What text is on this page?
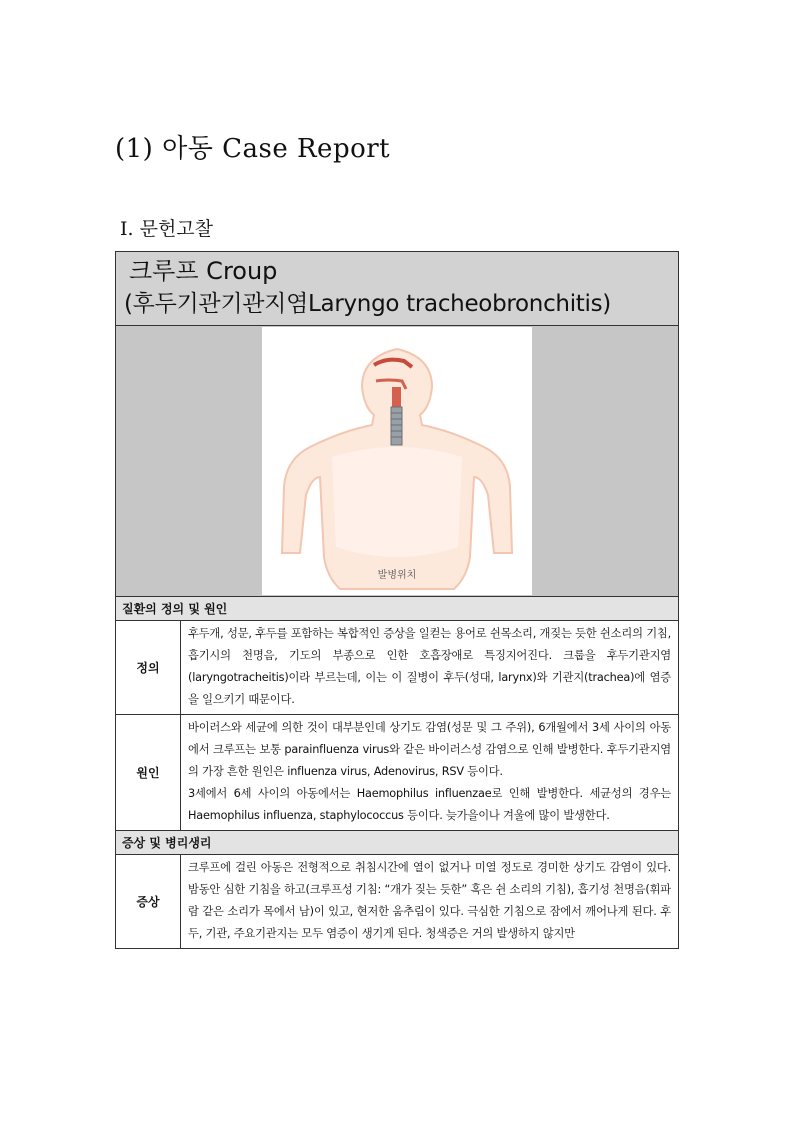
(1) 아동 Case Report
Ⅰ. 문헌고찰
크루프 Croup
(후두기관기관지염Laryngo tracheobronchitis)	

발병위치	

질환의 정의 및 원인	
정의	후두개, 성문, 후두를 포함하는 복합적인 증상을 일컫는 용어로 쉰목소리, 개짖는 듯한 쉰소리의 기침, 흡기시의 천명음, 기도의 부종으로 인한 호흡장애로 특징지어진다. 크룹을 후두기관지염(laryngotracheitis)이라 부르는데, 이는 이 질병이 후두(성대, larynx)와 기관지(trachea)에 염증을 일으키기 때문이다.
원인	바이러스와 세균에 의한 것이 대부분인데 상기도 감염(성문 및 그 주위), 6개월에서 3세 사이의 아동에서 크루프는 보통 parainfluenza virus와 같은 바이러스성 감염으로 인해 발병한다. 후두기관지염의 가장 흔한 원인은 influenza virus, Adenovirus, RSV 등이다.

3세에서 6세 사이의 아동에서는 Haemophilus influenzae로 인해 발병한다. 세균성의 경우는 Haemophilus influenza, staphylococcus 등이다. 늦가을이나 겨울에 많이 발생한다.

증상 및 병리생리	
증상	크루프에 걸린 아동은 전형적으로 취침시간에 열이 없거나 미열 정도로 경미한 상기도 감염이 있다. 밤동안 심한 기침을 하고(크루프성 기침: “개가 짖는 듯한” 혹은 쉰 소리의 기침), 흡기성 천명음(휘파람 같은 소리가 목에서 남)이 있고, 현저한 움추림이 있다. 극심한 기침으로 잠에서 깨어나게 된다. 후두, 기관, 주요기관지는 모두 염증이 생기게 된다. 청색증은 거의 발생하지 않지만
